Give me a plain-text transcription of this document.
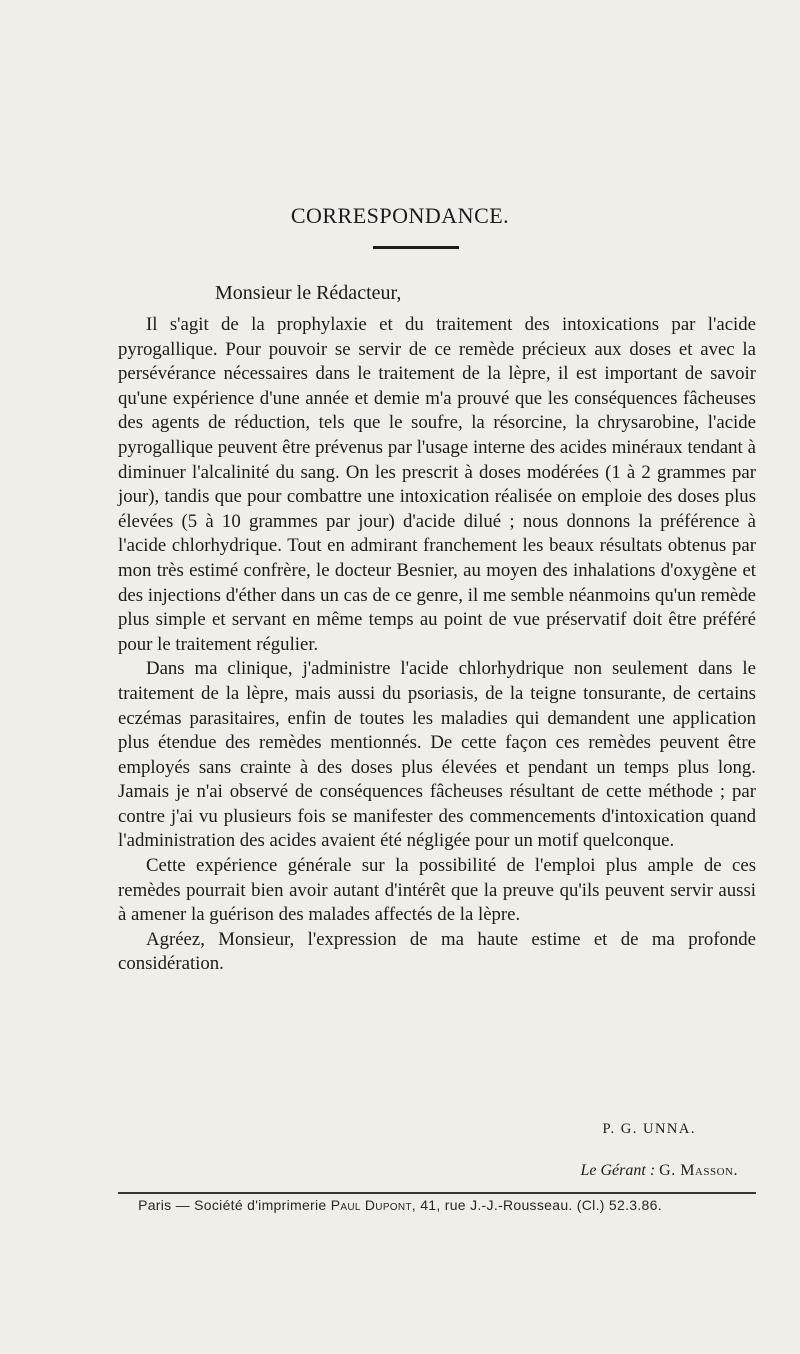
CORRESPONDANCE.
Monsieur le Rédacteur,

Il s'agit de la prophylaxie et du traitement des intoxications par l'acide pyrogallique. Pour pouvoir se servir de ce remède précieux aux doses et avec la persévérance nécessaires dans le traitement de la lèpre, il est important de savoir qu'une expérience d'une année et demie m'a prouvé que les conséquences fâcheuses des agents de réduction, tels que le soufre, la résorcine, la chrysarobine, l'acide pyrogallique peuvent être prévenus par l'usage interne des acides minéraux tendant à diminuer l'alcalinité du sang. On les prescrit à doses modérées (1 à 2 grammes par jour), tandis que pour combattre une intoxication réalisée on emploie des doses plus élevées (5 à 10 grammes par jour) d'acide dilué ; nous donnons la préférence à l'acide chlorhydrique. Tout en admirant franchement les beaux résultats obtenus par mon très estimé confrère, le docteur Besnier, au moyen des inhalations d'oxygène et des injections d'éther dans un cas de ce genre, il me semble néanmoins qu'un remède plus simple et servant en même temps au point de vue préservatif doit être préféré pour le traitement régulier.

Dans ma clinique, j'administre l'acide chlorhydrique non seulement dans le traitement de la lèpre, mais aussi du psoriasis, de la teigne tonsurante, de certains eczémas parasitaires, enfin de toutes les maladies qui demandent une application plus étendue des remèdes mentionnés. De cette façon ces remèdes peuvent être employés sans crainte à des doses plus élevées et pendant un temps plus long. Jamais je n'ai observé de conséquences fâcheuses résultant de cette méthode ; par contre j'ai vu plusieurs fois se manifester des commencements d'intoxication quand l'administration des acides avaient été négligée pour un motif quelconque.

Cette expérience générale sur la possibilité de l'emploi plus ample de ces remèdes pourrait bien avoir autant d'intérêt que la preuve qu'ils peuvent servir aussi à amener la guérison des malades affectés de la lèpre.

Agréez, Monsieur, l'expression de ma haute estime et de ma profonde considération.

P. G. UNNA.
Le Gérant : G. Masson.
Paris — Société d'imprimerie Paul Dupont, 41, rue J.-J.-Rousseau. (Cl.) 52.3.86.
